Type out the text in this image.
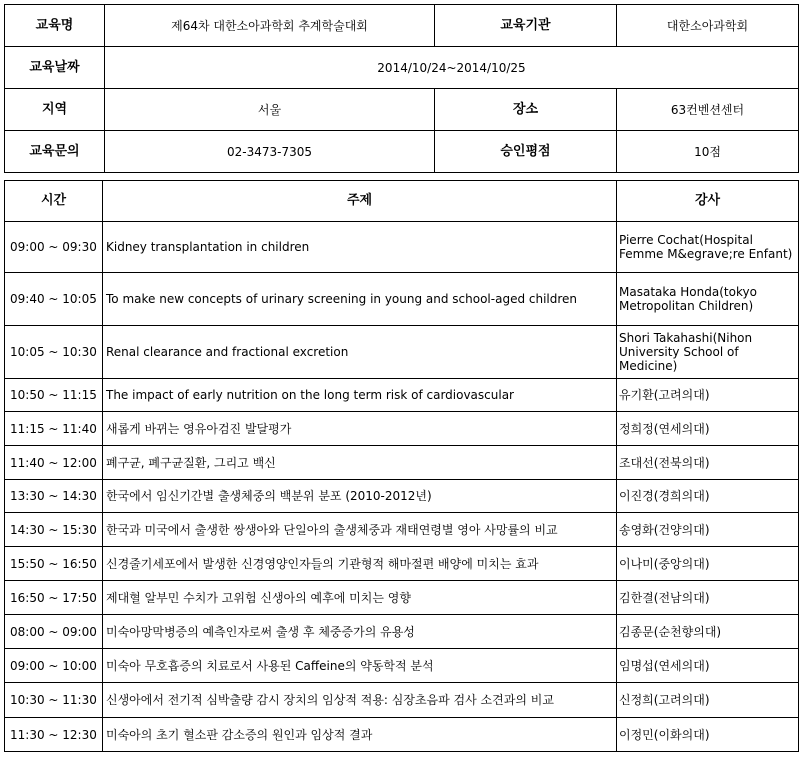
교육명	제64차 대한소아과학회 추계학술대회	교육기관	대한소아과학회
교육날짜	2014/10/24~2014/10/25		
지역	서울	장소	63컨벤션센터
교육문의	02-3473-7305	승인평점	10점
시간	주제	강사
09:00 ~ 09:30	Kidney transplantation in children	Pierre Cochat(Hospital Femme M&egrave;re Enfant)
09:40 ~ 10:05	To make new concepts of urinary screening in young and school-aged children	Masataka Honda(tokyo Metropolitan Children)
10:05 ~ 10:30	Renal clearance and fractional excretion	Shori Takahashi(Nihon University School of Medicine)
10:50 ~ 11:15	The impact of early nutrition on the long term risk of cardiovascular	유기환(고려의대)
11:15 ~ 11:40	새롭게 바뀌는 영유아검진 발달평가	정희정(연세의대)
11:40 ~ 12:00	폐구균, 폐구균질환, 그리고 백신	조대선(전북의대)
13:30 ~ 14:30	한국에서 임신기간별 출생체중의 백분위 분포 (2010-2012년)	이진경(경희의대)
14:30 ~ 15:30	한국과 미국에서 출생한 쌍생아와 단일아의 출생체중과 재태연령별 영아 사망률의 비교	송영화(건양의대)
15:50 ~ 16:50	신경줄기세포에서 발생한 신경영양인자들의 기관형적 해마절편 배양에 미치는 효과	이나미(중앙의대)
16:50 ~ 17:50	제대혈 알부민 수치가 고위험 신생아의 예후에 미치는 영향	김한결(전남의대)
08:00 ~ 09:00	미숙아망막병증의 예측인자로써 출생 후 체중증가의 유용성	김종문(순천향의대)
09:00 ~ 10:00	미숙아 무호흡증의 치료로서 사용된 Caffeine의 약동학적 분석	임명섭(연세의대)
10:30 ~ 11:30	신생아에서 전기적 심박출량 감시 장치의 임상적 적용: 심장초음파 검사 소견과의 비교	신정희(고려의대)
11:30 ~ 12:30	미숙아의 초기 혈소판 감소증의 원인과 임상적 결과	이정민(이화의대)
